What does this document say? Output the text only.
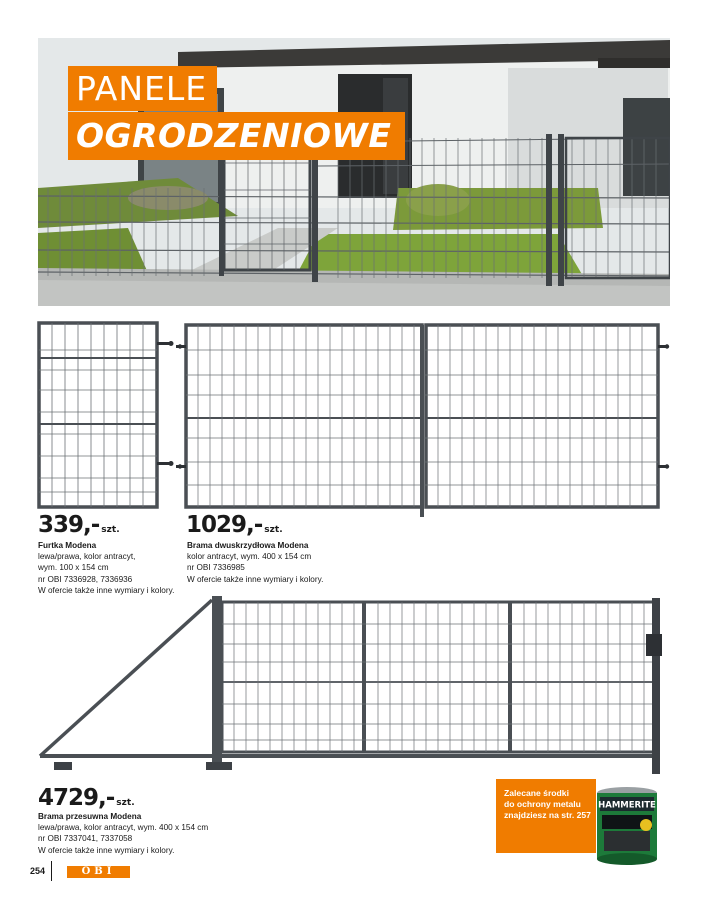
PANELE
OGRODZENIOWE
339,- szt.
Furtka Modena
lewa/prawa, kolor antracyt,
wym. 100 x 154 cm
nr OBI 7336928, 7336936
W ofercie także inne wymiary i kolory.
1029,- szt.
Brama dwuskrzydłowa Modena
kolor antracyt, wym. 400 x 154 cm
nr OBI 7336985
W ofercie także inne wymiary i kolory.
4729,- szt.
Brama przesuwna Modena
lewa/prawa, kolor antracyt, wym. 400 x 154 cm
nr OBI 7337041, 7337058
W ofercie także inne wymiary i kolory.
Zalecane środki
do ochrony metalu
znajdziesz na str. 257
HAMMERITE
254	OBI
